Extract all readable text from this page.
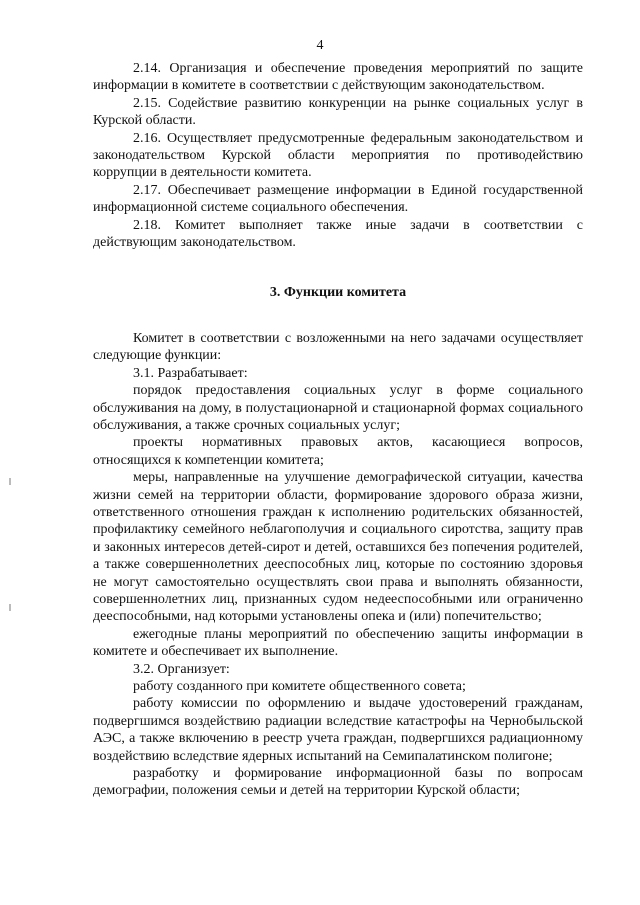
4

2.14. Организация и обеспечение проведения мероприятий по защите информации в комитете в соответствии с действующим законодательством.

2.15. Содействие развитию конкуренции на рынке социальных услуг в Курской области.

2.16. Осуществляет предусмотренные федеральным законодательством и законодательством Курской области мероприятия по противодействию коррупции в деятельности комитета.

2.17. Обеспечивает размещение информации в Единой государственной информационной системе социального обеспечения.

2.18. Комитет выполняет также иные задачи в соответствии с действующим законодательством.

3. Функции комитета

Комитет в соответствии с возложенными на него задачами осуществляет следующие функции:

3.1. Разрабатывает:

порядок предоставления социальных услуг в форме социального обслуживания на дому, в полустационарной и стационарной формах социального обслуживания, а также срочных социальных услуг;

проекты нормативных правовых актов, касающиеся вопросов, относящихся к компетенции комитета;

меры, направленные на улучшение демографической ситуации, качества жизни семей на территории области, формирование здорового образа жизни, ответственного отношения граждан к исполнению родительских обязанностей, профилактику семейного неблагополучия и социального сиротства, защиту прав и законных интересов детей-сирот и детей, оставшихся без попечения родителей, а также совершеннолетних дееспособных лиц, которые по состоянию здоровья не могут самостоятельно осуществлять свои права и выполнять обязанности, совершеннолетних лиц, признанных судом недееспособными или ограниченно дееспособными, над которыми установлены опека и (или) попечительство;

ежегодные планы мероприятий по обеспечению защиты информации в комитете и обеспечивает их выполнение.

3.2. Организует:

работу созданного при комитете общественного совета;

работу комиссии по оформлению и выдаче удостоверений гражданам, подвергшимся воздействию радиации вследствие катастрофы на Чернобыльской АЭС, а также включению в реестр учета граждан, подвергшихся радиационному воздействию вследствие ядерных испытаний на Семипалатинском полигоне;

разработку и формирование информационной базы по вопросам демографии, положения семьи и детей на территории Курской области;
